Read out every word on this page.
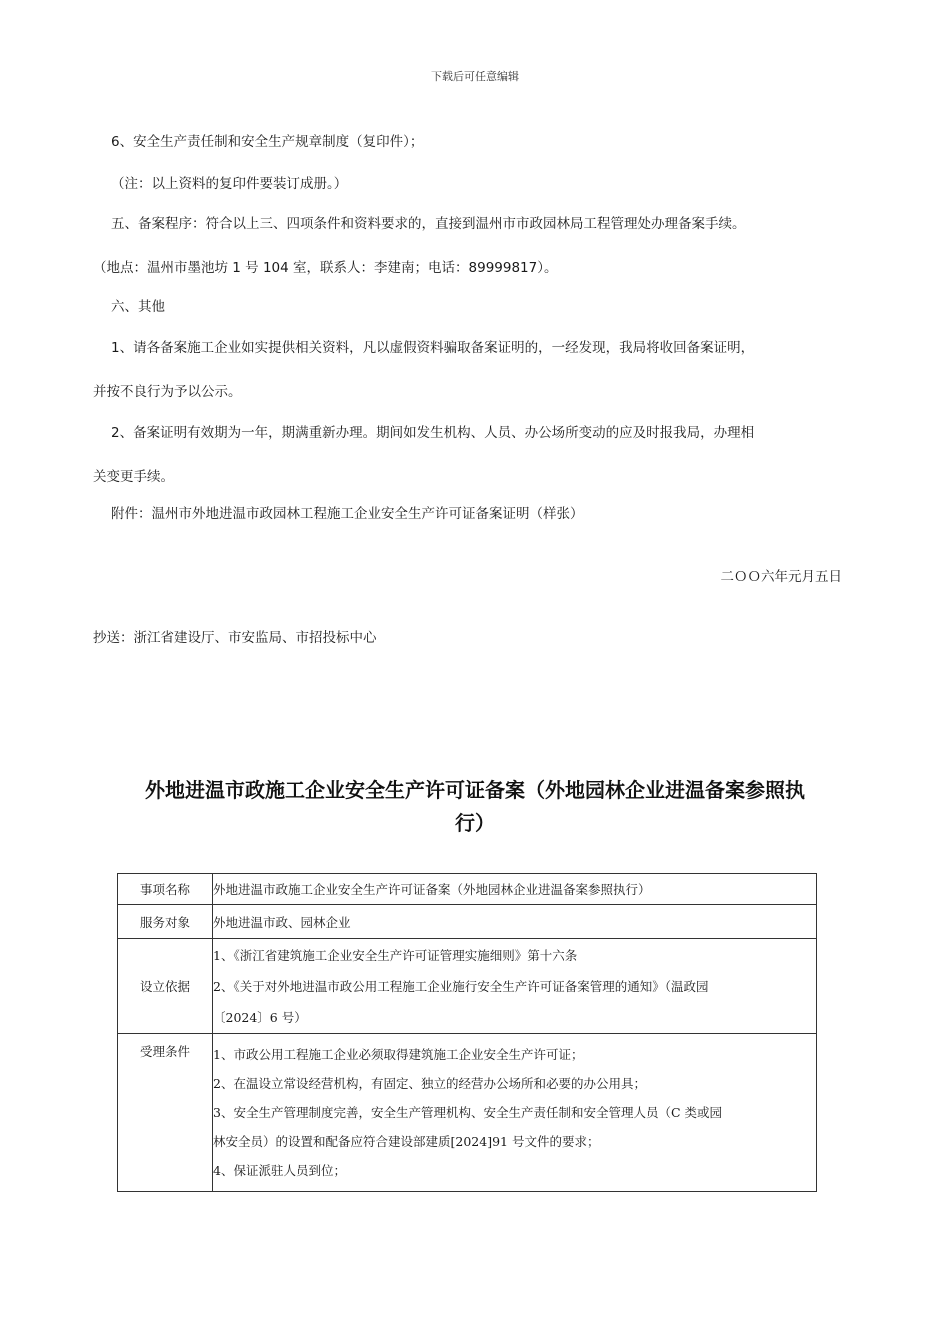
下载后可任意编辑
6、安全生产责任制和安全生产规章制度（复印件）；
（注：以上资料的复印件要装订成册。）
五、备案程序：符合以上三、四项条件和资料要求的，直接到温州市市政园林局工程管理处办理备案手续。
（地点：温州市墨池坊 1 号 104 室，联系人：李建南；电话：89999817）。
六、其他
1、请各备案施工企业如实提供相关资料，凡以虚假资料骗取备案证明的，一经发现，我局将收回备案证明，
并按不良行为予以公示。
2、备案证明有效期为一年，期满重新办理。期间如发生机构、人员、办公场所变动的应及时报我局，办理相
关变更手续。
附件：温州市外地进温市政园林工程施工企业安全生产许可证备案证明（样张）
二ＯＯ六年元月五日
抄送：浙江省建设厅、市安监局、市招投标中心
外地进温市政施工企业安全生产许可证备案（外地园林企业进温备案参照执
行）
事项名称	外地进温市政施工企业安全生产许可证备案（外地园林企业进温备案参照执行）
服务对象	外地进温市政、园林企业
设立依据	1、《浙江省建筑施工企业安全生产许可证管理实施细则》第十六条
2、《关于对外地进温市政公用工程施工企业施行安全生产许可证备案管理的通知》（温政园
〔2024〕6 号）

受理条件	1、市政公用工程施工企业必须取得建筑施工企业安全生产许可证；
2、在温设立常设经营机构，有固定、独立的经营办公场所和必要的办公用具；
3、安全生产管理制度完善，安全生产管理机构、安全生产责任制和安全管理人员（C 类或园
林安全员）的设置和配备应符合建设部建质[2024]91 号文件的要求；
4、保证派驻人员到位；
